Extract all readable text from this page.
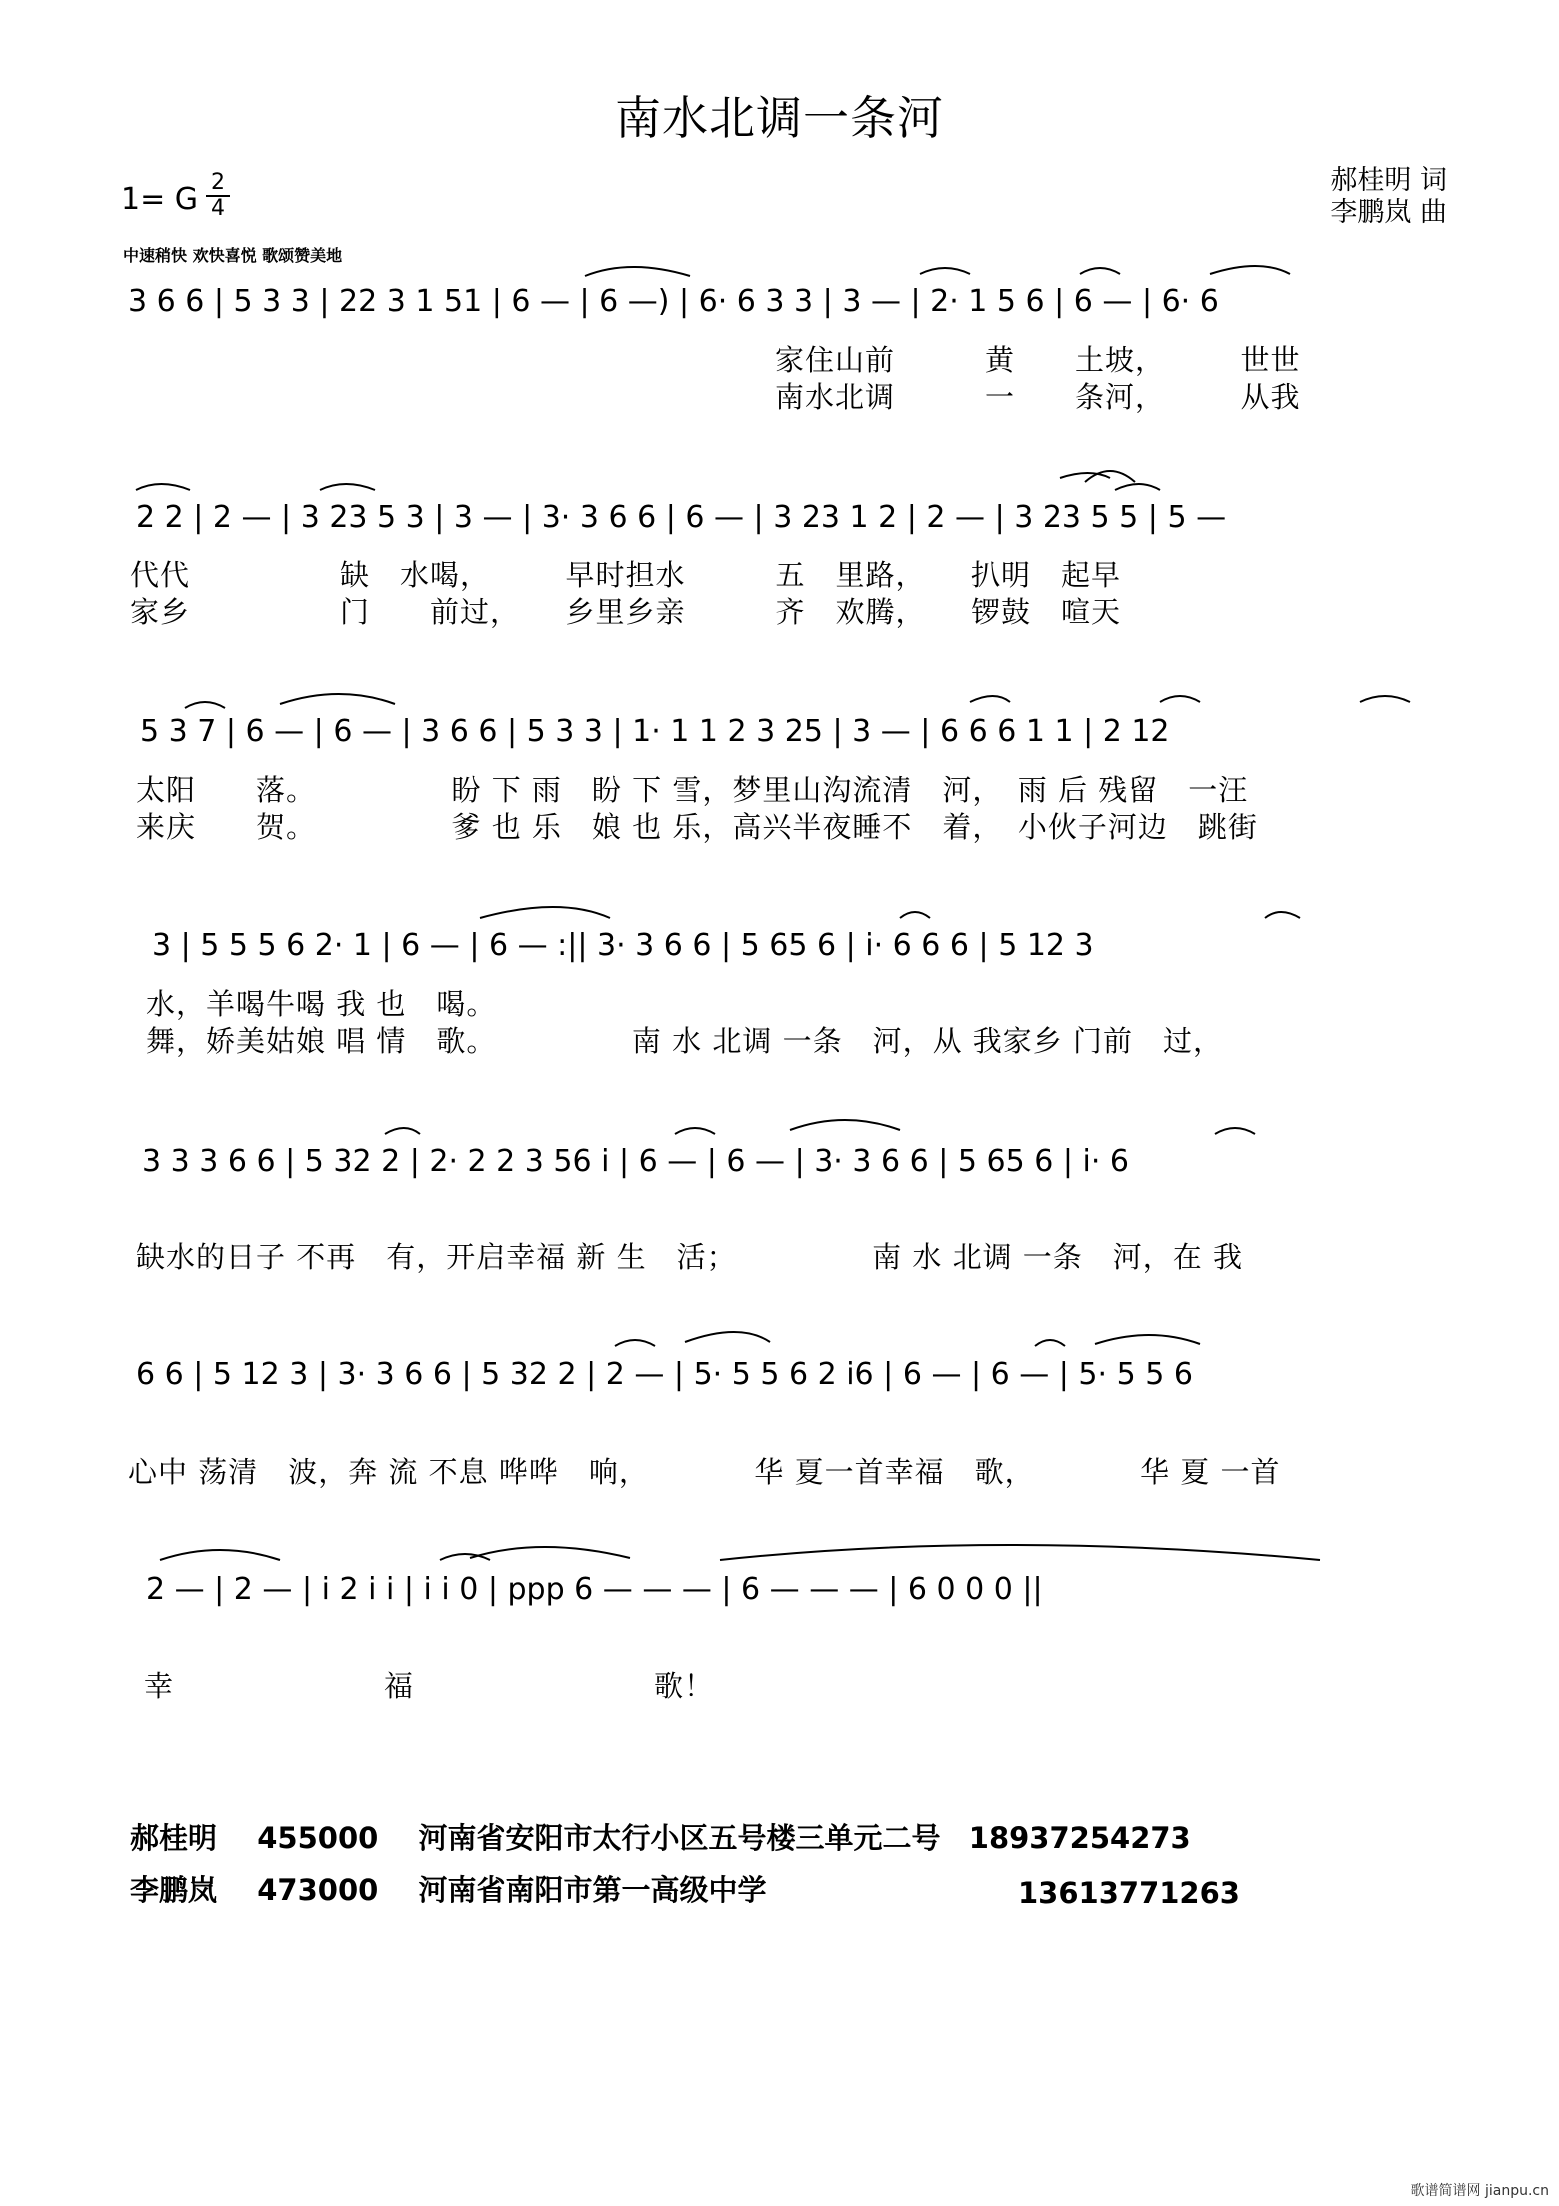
南水北调一条河
1= G 2
4
郝桂明 词
李鹏岚 曲
中速稍快 欢快喜悦 歌颂赞美地
3 6 6 | 5 3 3 | 22 3 1 51 | 6 — | 6 —) | 6· 6 3 3 | 3 — | 2· 1 5 6 | 6 — | 6· 6
家住山前　　　黄　　土坡，　　　世世
南水北调　　　一　　条河，　　　从我
2 2 | 2 — | 3 23 5 3 | 3 — | 3· 3 6 6 | 6 — | 3 23 1 2 | 2 — | 3 23 5 5 | 5 —
代代　　　　　缺　水喝，　　　早时担水　　　五　里路，　　扒明　起早
家乡　　　　　门　　前过，　　乡里乡亲　　　齐　欢腾，　　锣鼓　喧天
5 3 7 | 6 — | 6 — | 3 6 6 | 5 3 3 | 1· 1 1 2 3 25 | 3 — | 6 6 6 1 1 | 2 12
太阳　　落。　　　　　盼 下 雨　盼 下 雪，梦里山沟流清　河，　雨 后 残留　一汪
来庆　　贺。　　　　　爹 也 乐　娘 也 乐，高兴半夜睡不　着，　小伙子河边　跳街
3 | 5 5 5 6 2· 1 | 6 — | 6 — :|| 3· 3 6 6 | 5 65 6 | i· 6 6 6 | 5 12 3
水，羊喝牛喝 我 也　喝。
舞，娇美姑娘 唱 情　歌。　　　　　南 水 北调 一条　河，从 我家乡 门前　过，
3 3 3 6 6 | 5 32 2 | 2· 2 2 3 56 i | 6 — | 6 — | 3· 3 6 6 | 5 65 6 | i· 6
缺水的日子 不再　有，开启幸福 新 生　活；　　　　　南 水 北调 一条　河，在 我
6 6 | 5 12 3 | 3· 3 6 6 | 5 32 2 | 2 — | 5· 5 5 6 2 i6 | 6 — | 6 — | 5· 5 5 6
心中 荡清　波，奔 流 不息 哗哗　响，　　　　华 夏一首幸福　歌，　　　　华 夏 一首
2 — | 2 — | i 2 i i | i i 0 | ppp 6 — — — | 6 — — — | 6 0 0 0 ||
幸　　　　　　　福　　　　　　　　歌！
郝桂明 455000 河南省安阳市太行小区五号楼三单元二号 18937254273
李鹏岚 473000 河南省南阳市第一高级中学	13613771263
歌谱简谱网 jianpu.cn
